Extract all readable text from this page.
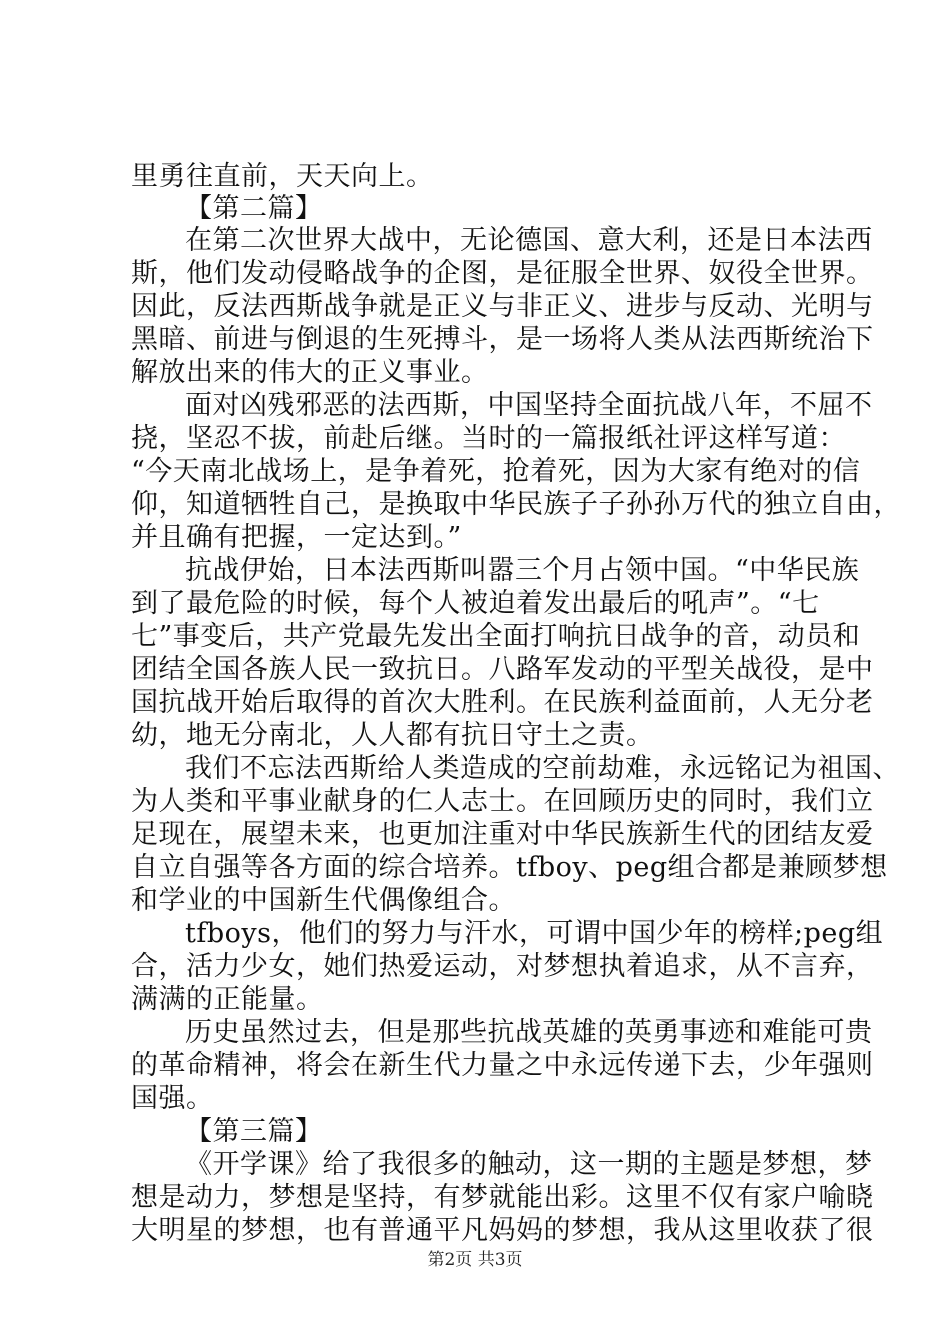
里勇往直前，天天向上。
【第二篇】
在第二次世界大战中，无论德国、意大利，还是日本法西
斯，他们发动侵略战争的企图，是征服全世界、奴役全世界。
因此，反法西斯战争就是正义与非正义、进步与反动、光明与
黑暗、前进与倒退的生死搏斗，是一场将人类从法西斯统治下
解放出来的伟大的正义事业。
面对凶残邪恶的法西斯，中国坚持全面抗战八年，不屈不
挠，坚忍不拔，前赴后继。当时的一篇报纸社评这样写道：
“今天南北战场上，是争着死，抢着死，因为大家有绝对的信
仰，知道牺牲自己，是换取中华民族子子孙孙万代的独立自由，
并且确有把握，一定达到。”
抗战伊始，日本法西斯叫嚣三个月占领中国。“中华民族
到了最危险的时候，每个人被迫着发出最后的吼声”。“七
七”事变后，共产党最先发出全面打响抗日战争的音，动员和
团结全国各族人民一致抗日。八路军发动的平型关战役，是中
国抗战开始后取得的首次大胜利。在民族利益面前，人无分老
幼，地无分南北，人人都有抗日守土之责。
我们不忘法西斯给人类造成的空前劫难，永远铭记为祖国、
为人类和平事业献身的仁人志士。在回顾历史的同时，我们立
足现在，展望未来，也更加注重对中华民族新生代的团结友爱
自立自强等各方面的综合培养。tfboy、peg组合都是兼顾梦想
和学业的中国新生代偶像组合。
tfboys，他们的努力与汗水，可谓中国少年的榜样;peg组
合，活力少女，她们热爱运动，对梦想执着追求，从不言弃，
满满的正能量。
历史虽然过去，但是那些抗战英雄的英勇事迹和难能可贵
的革命精神，将会在新生代力量之中永远传递下去，少年强则
国强。
【第三篇】
《开学课》给了我很多的触动，这一期的主题是梦想，梦
想是动力，梦想是坚持，有梦就能出彩。这里不仅有家户喻晓
大明星的梦想，也有普通平凡妈妈的梦想，我从这里收获了很
第2页 共3页
